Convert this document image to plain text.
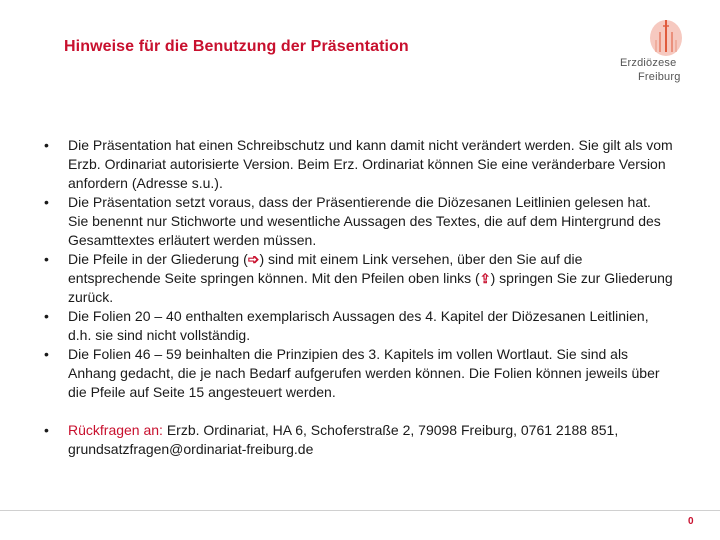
Hinweise für die Benutzung der Präsentation
Erzdiözese
Freiburg
• Die Präsentation hat einen Schreibschutz und kann damit nicht verändert werden. Sie gilt als vom Erzb. Ordinariat autorisierte Version. Beim Erz. Ordinariat können Sie eine veränderbare Version anfordern (Adresse s.u.).
• Die Präsentation setzt voraus, dass der Präsentierende die Diözesanen Leitlinien gelesen hat. Sie benennt nur Stichworte und wesentliche Aussagen des Textes, die auf dem Hintergrund des Gesamttextes erläutert werden müssen.
• Die Pfeile in der Gliederung (➩) sind mit einem Link versehen, über den Sie auf die entsprechende Seite springen können. Mit den Pfeilen oben links (⇪) springen Sie zur Gliederung zurück.
• Die Folien 20 – 40 enthalten exemplarisch Aussagen des 4. Kapitel der Diözesanen Leitlinien, d.h. sie sind nicht vollständig.
• Die Folien 46 – 59 beinhalten die Prinzipien des 3. Kapitels im vollen Wortlaut. Sie sind als Anhang gedacht, die je nach Bedarf aufgerufen werden können. Die Folien können jeweils über die Pfeile auf Seite 15 angesteuert werden.
• Rückfragen an: Erzb. Ordinariat, HA 6, Schoferstraße 2, 79098 Freiburg, 0761 2188 851, grundsatzfragen@ordinariat-freiburg.de
0
